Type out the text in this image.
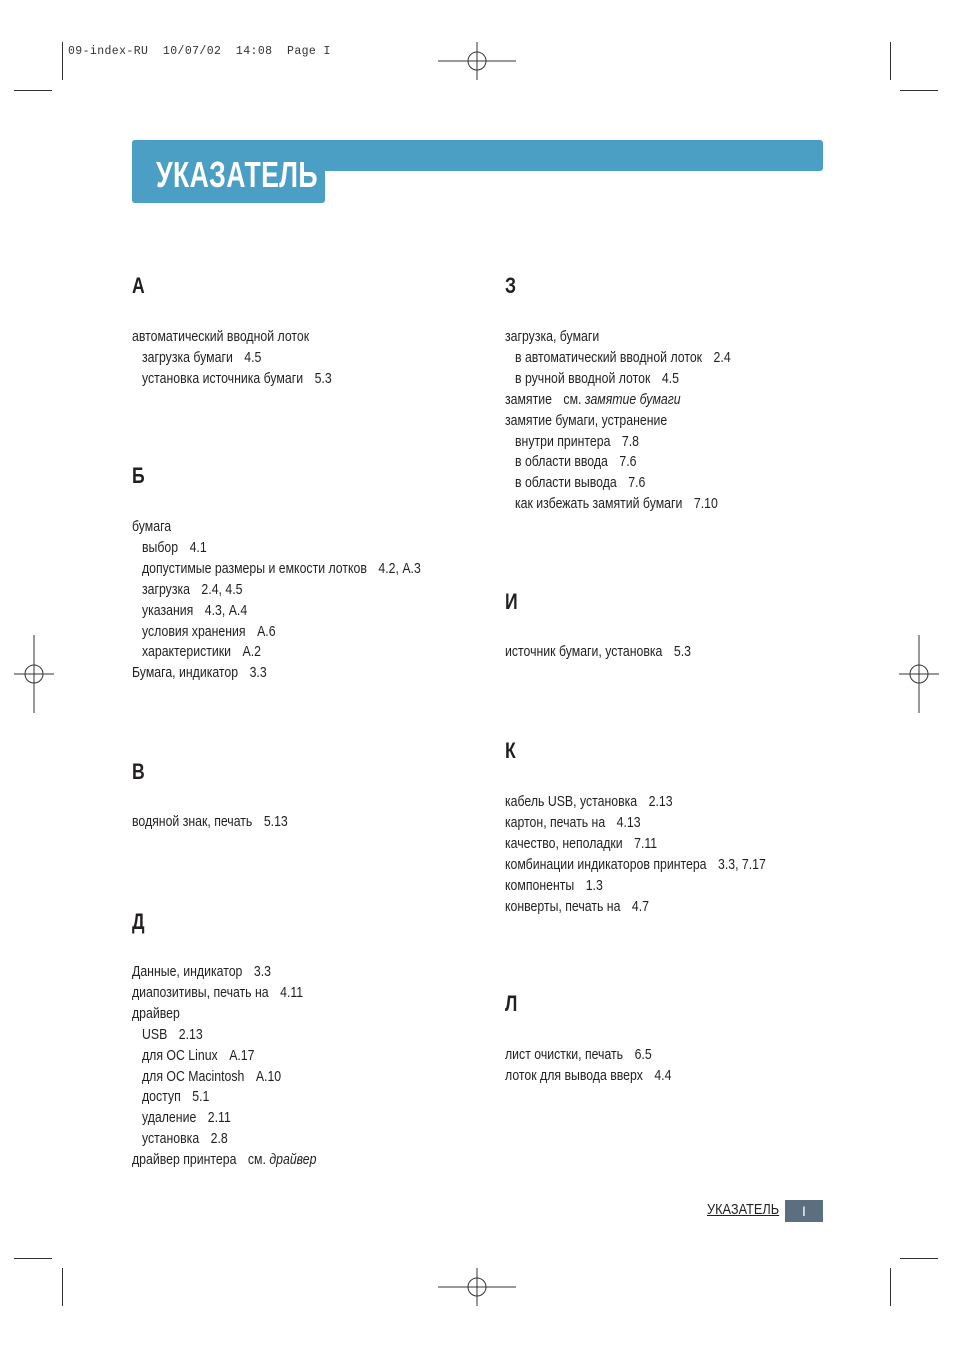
09-index-RU  10/07/02  14:08  Page I
УКАЗАТЕЛЬ
УКАЗАТЕЛЬ	I
А
автоматический вводной лоток
загрузка бумаги 4.5
установка источника бумаги 5.3
Б
бумага
выбор 4.1
допустимые размеры и емкости лотков 4.2, A.3
загрузка 2.4, 4.5
указания 4.3, A.4
условия хранения A.6
характеристики A.2
Бумага, индикатор 3.3
В
водяной знак, печать 5.13
Д
Данные, индикатор 3.3
диапозитивы, печать на 4.11
драйвер
USB 2.13
для ОС Linux A.17
для ОС Macintosh A.10
доступ 5.1
удаление 2.11
установка 2.8
драйвер принтера см. драйвер
З
загрузка, бумаги
в автоматический вводной лоток 2.4
в ручной вводной лоток 4.5
замятие см. замятие бумаги
замятие бумаги, устранение
внутри принтера 7.8
в области ввода 7.6
в области вывода 7.6
как избежать замятий бумаги 7.10
И
источник бумаги, установка 5.3
К
кабель USB, установка 2.13
картон, печать на 4.13
качество, неполадки 7.11
комбинации индикаторов принтера 3.3, 7.17
компоненты 1.3
конверты, печать на 4.7
Л
лист очистки, печать 6.5
лоток для вывода вверх 4.4
